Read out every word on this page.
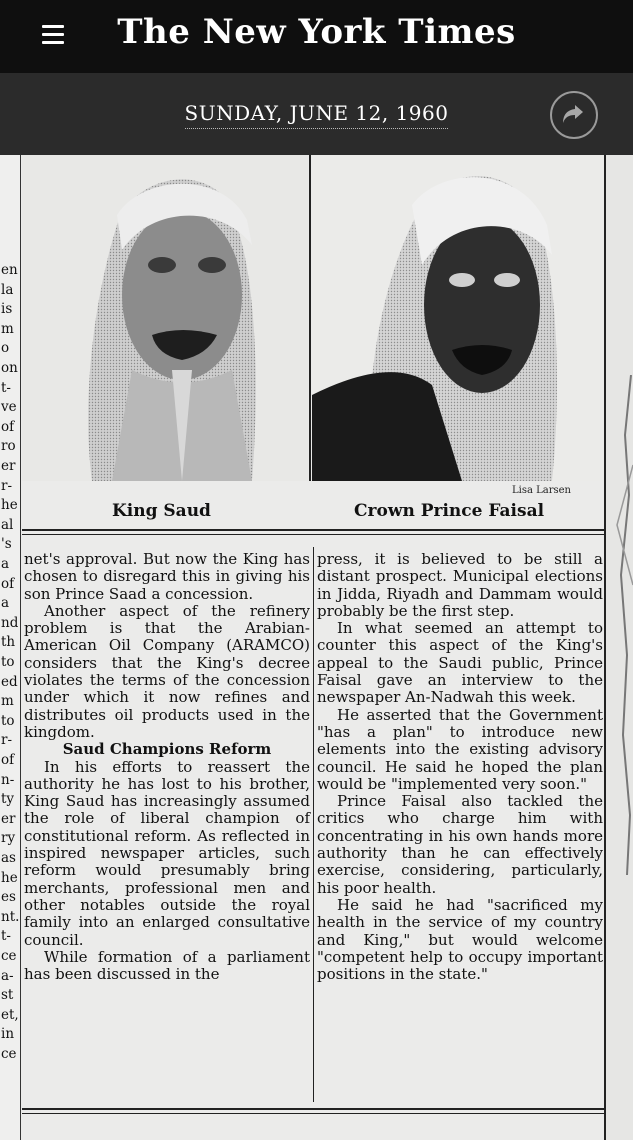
The New York Times
SUNDAY, JUNE 12, 1960
en
la
is
m
o
on
t-
ve
of
ro
er
r-
he
al
's
a
of
a
nd
th
to
ed
m
to
r-
of
n-
ty
er
ry
as
he
es
nt.
t-
ce
a-
st
et,
in
ce
Lisa Larsen
King Saud	Crown Prince Faisal

net's approval. But now the King has chosen to disregard this in giving his son Prince Saad a concession.

Another aspect of the refinery problem is that the Arabian-American Oil Company (ARAMCO) considers that the King's decree violates the terms of the concession under which it now refines and distributes oil products used in the kingdom.

Saud Champions Reform

In his efforts to reassert the authority he has lost to his brother, King Saud has increasingly assumed the role of liberal champion of constitutional reform. As reflected in inspired newspaper articles, such reform would presumably bring merchants, professional men and other notables outside the royal family into an enlarged consultative council.

While formation of a parliament has been discussed in the

press, it is believed to be still a distant prospect. Municipal elections in Jidda, Riyadh and Dammam would probably be the first step.

In what seemed an attempt to counter this aspect of the King's appeal to the Saudi public, Prince Faisal gave an interview to the newspaper An-Nadwah this week.

He asserted that the Government "has a plan" to introduce new elements into the existing advisory council. He said he hoped the plan would be "implemented very soon."

Prince Faisal also tackled the critics who charge him with concentrating in his own hands more authority than he can effectively exercise, considering, particularly, his poor health.

He said he had "sacrificed my health in the service of my country and King," but would welcome "competent help to occupy important positions in the state."
